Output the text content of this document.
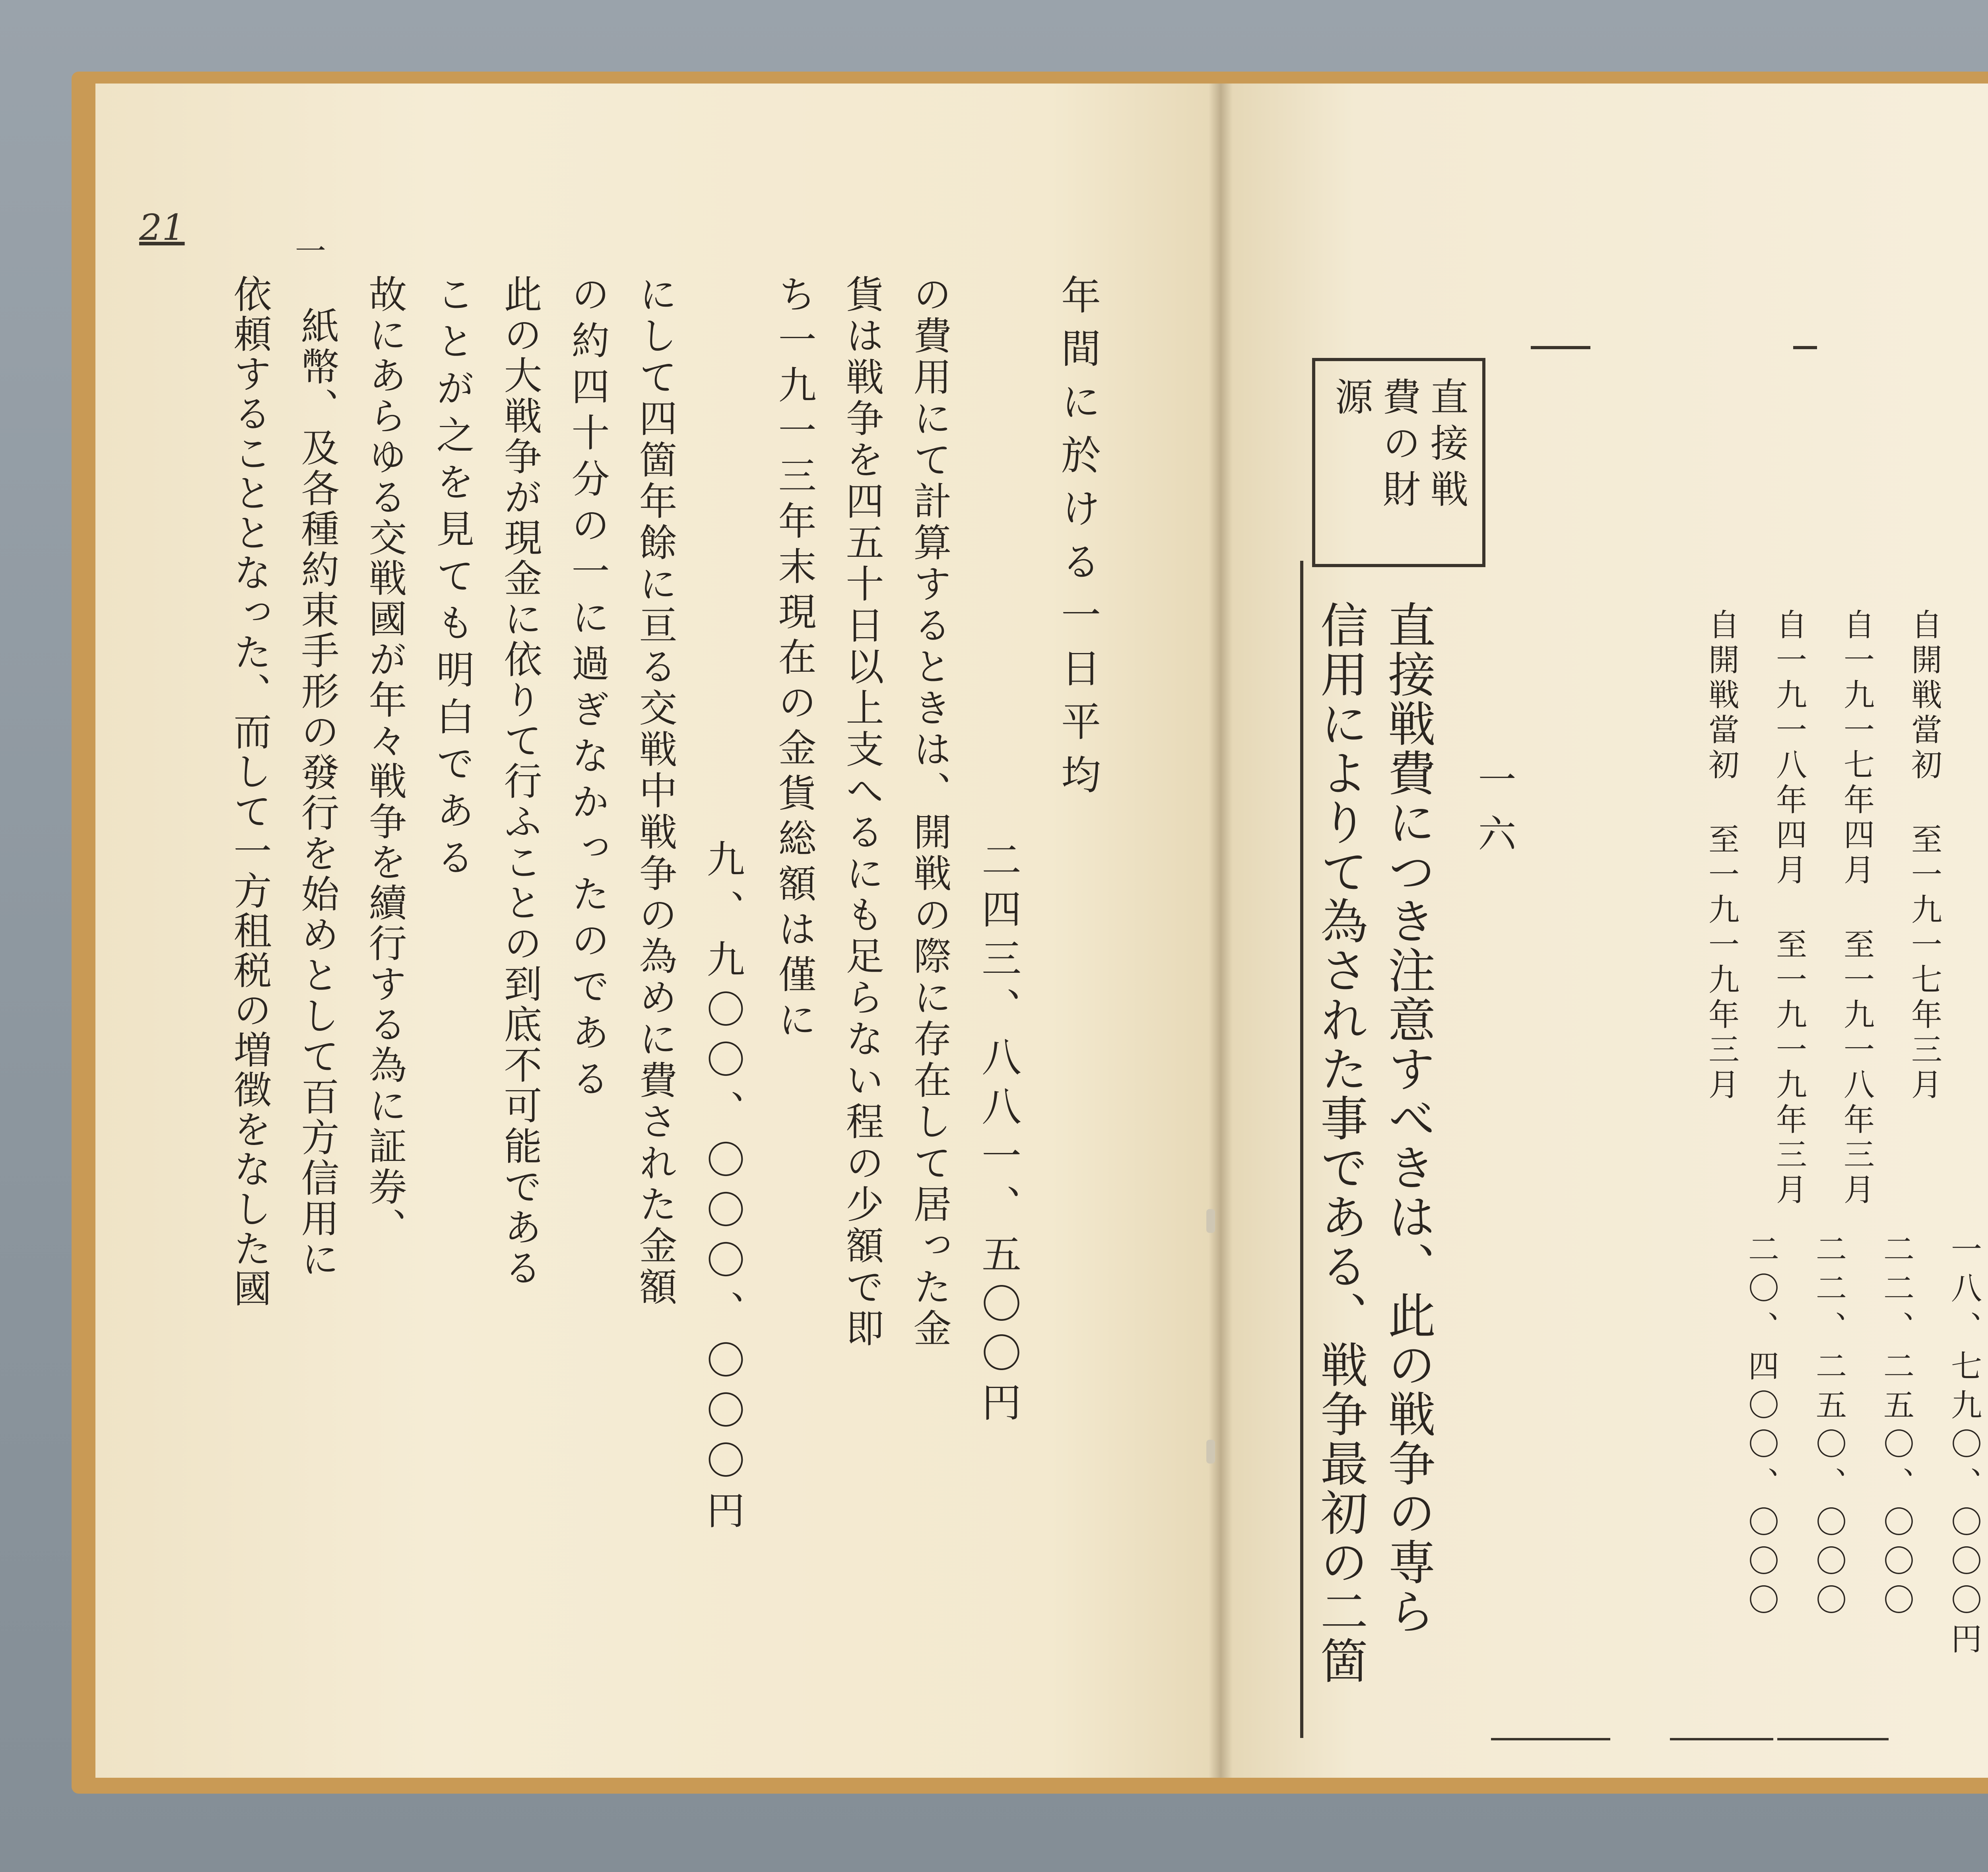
21
一
年間に於ける一日平均
二四三、八八一、五〇〇円
の費用にて計算するときは、開戦の際に存在して居った金
貨は戦争を四五十日以上支へるにも足らない程の少額で即
ち一九一三年末現在の金貨総額は僅に
九、九〇〇、〇〇〇、〇〇〇円
にして四箇年餘に亘る交戦中戦争の為めに費された金額
の約四十分の一に過ぎなかったのである
此の大戦争が現金に依りて行ふことの到底不可能である
ことが之を見ても明白である
故にあらゆる交戦國が年々戦争を續行する為に証券、
紙幣、及各種約束手形の發行を始めとして百方信用に
依頼することとなった、而して一方租税の増徴をなした國	直接戦費の財源
自開戦當初 至一九一七年三月
自一九一七年四月 至一九一八年三月
自一九一八年四月 至一九一九年三月
自開戦當初 至一九一九年三月
一八、七九〇、〇〇〇円
二二、二五〇、〇〇〇
二二、二五〇、〇〇〇
二〇、四〇〇、〇〇〇
一六
直接戦費につき注意すべきは、此の戦争の専ら
信用によりて為された事である、戦争最初の二箇
